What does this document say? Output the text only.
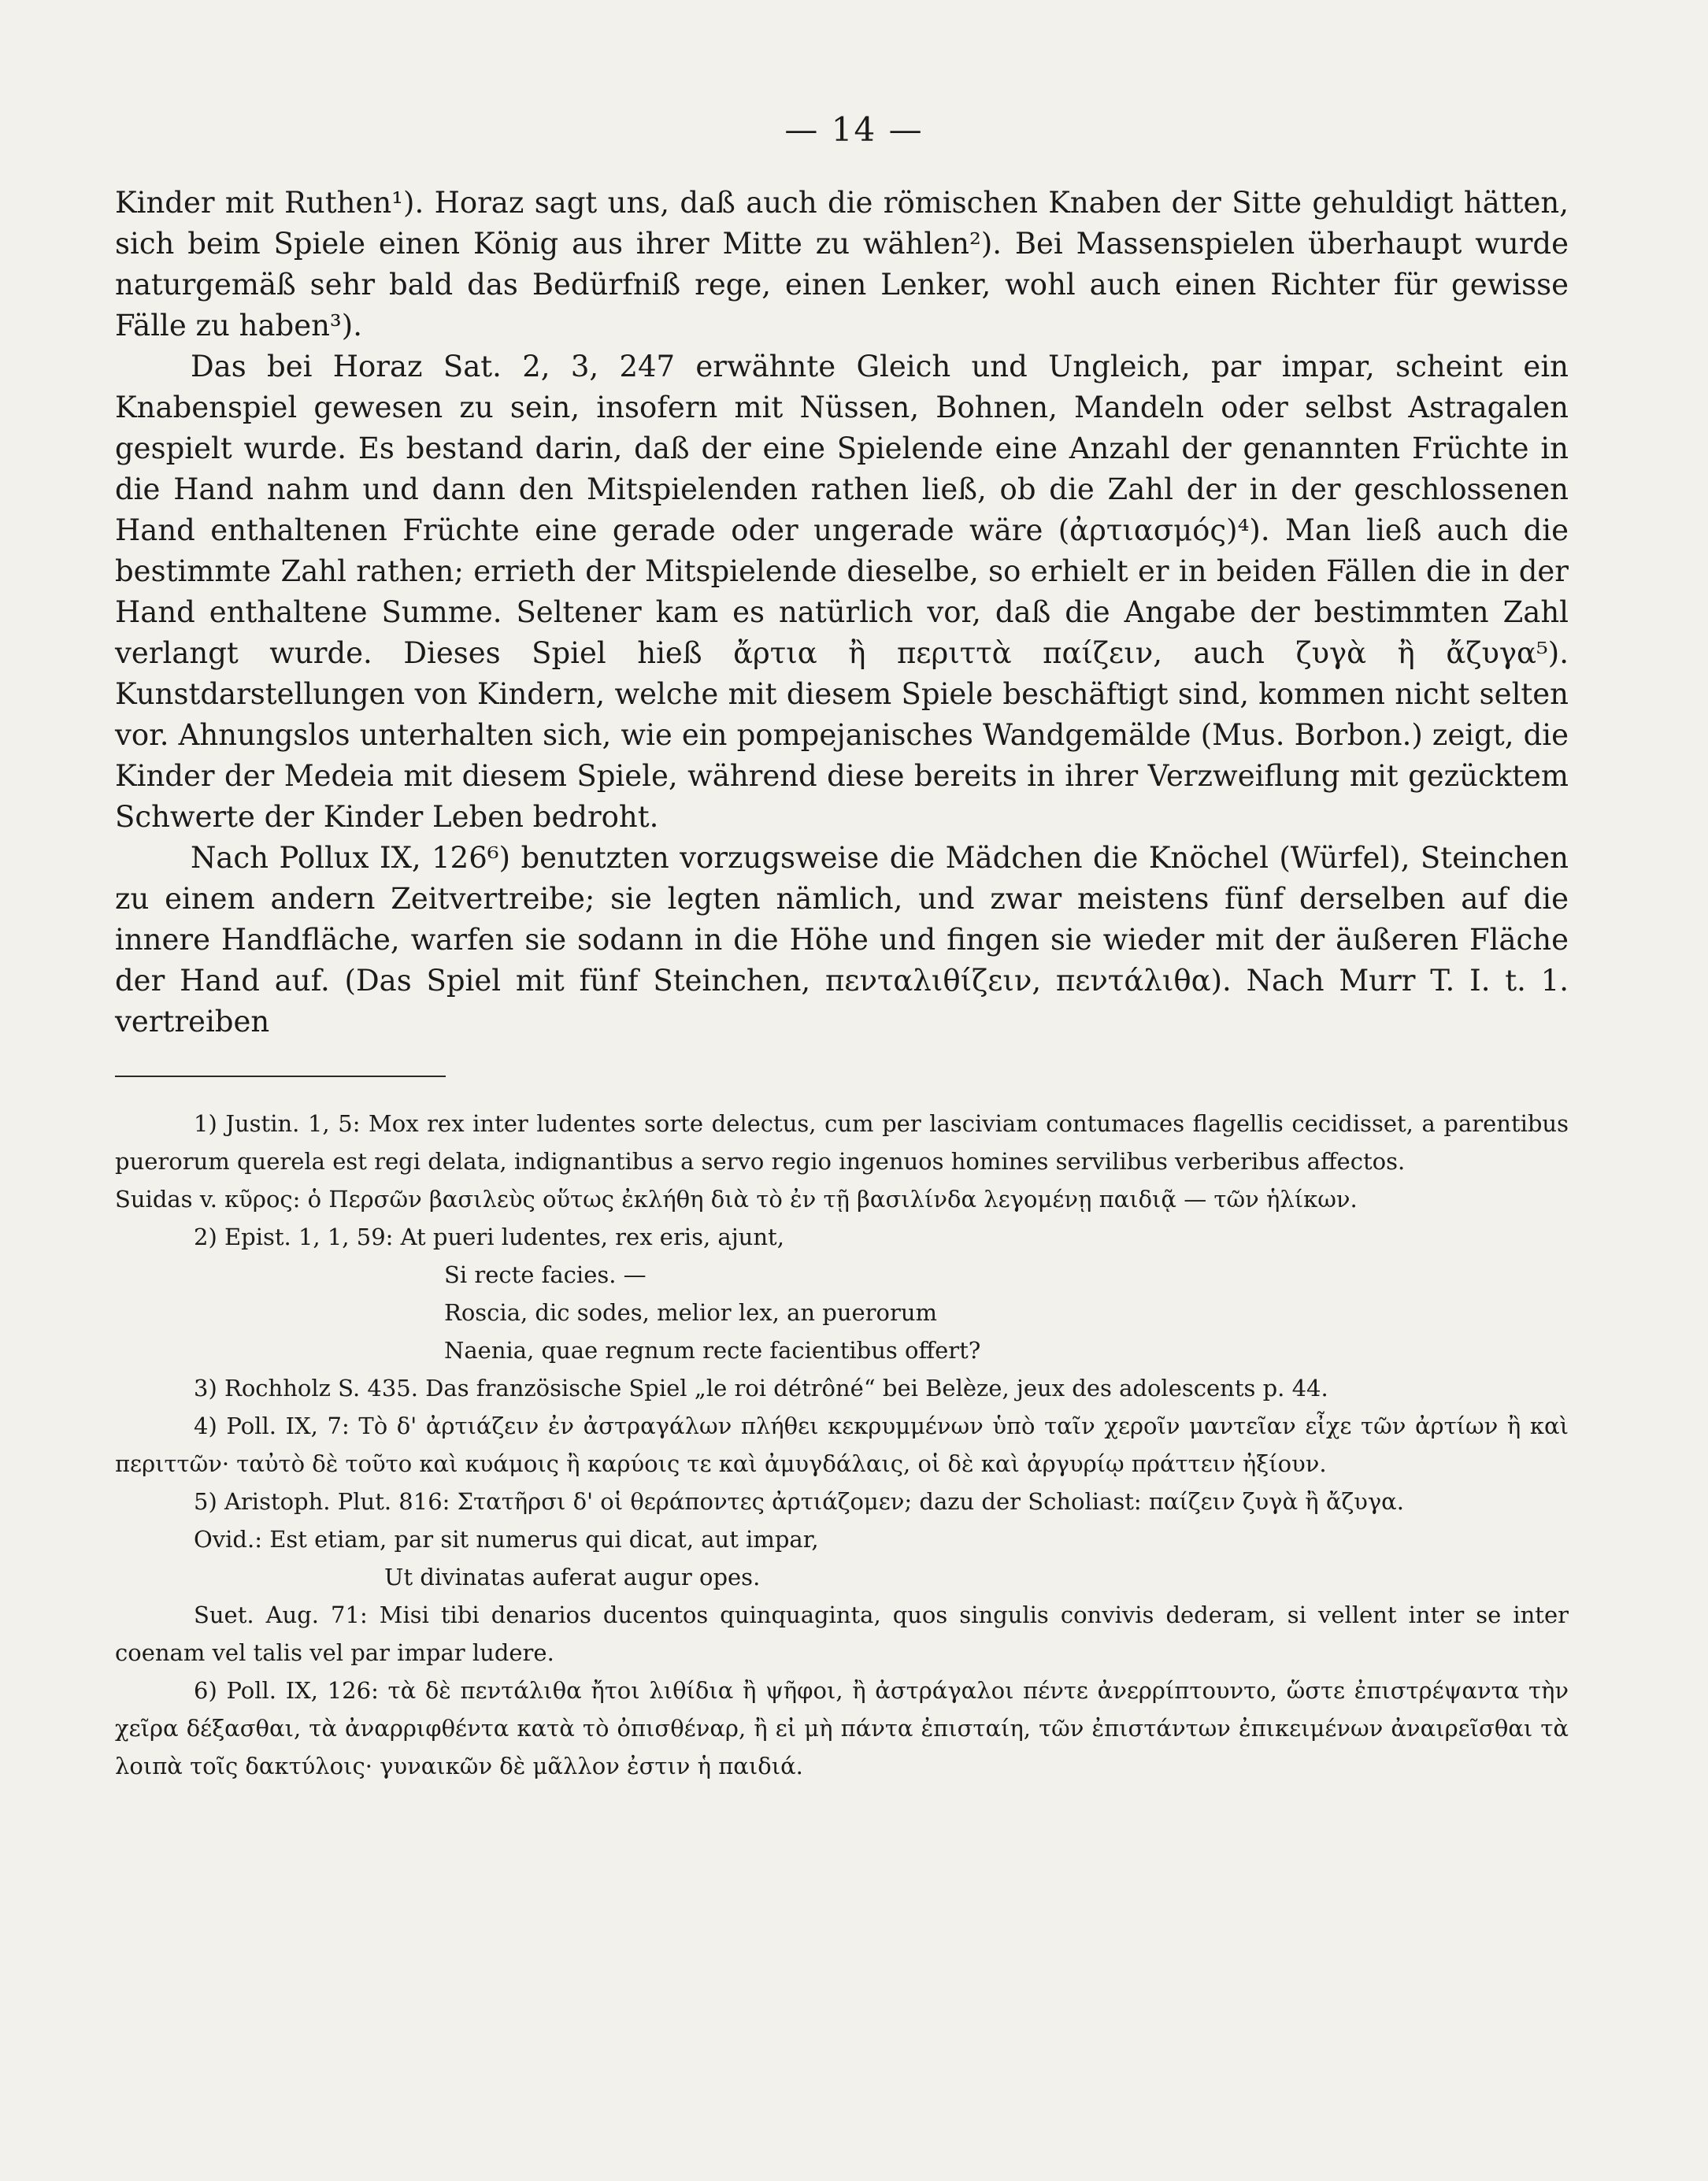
— 14 —

Kinder mit Ruthen¹). Horaz sagt uns, daß auch die römischen Knaben der Sitte gehuldigt hätten, sich beim Spiele einen König aus ihrer Mitte zu wählen²). Bei Massenspielen überhaupt wurde naturgemäß sehr bald das Bedürfniß rege, einen Lenker, wohl auch einen Richter für gewisse Fälle zu haben³).

Das bei Horaz Sat. 2, 3, 247 erwähnte Gleich und Ungleich, par impar, scheint ein Knabenspiel gewesen zu sein, insofern mit Nüssen, Bohnen, Mandeln oder selbst Astragalen gespielt wurde. Es bestand darin, daß der eine Spielende eine Anzahl der genannten Früchte in die Hand nahm und dann den Mitspielenden rathen ließ, ob die Zahl der in der geschlossenen Hand enthaltenen Früchte eine gerade oder ungerade wäre (ἀρτιασμός)⁴). Man ließ auch die bestimmte Zahl rathen; errieth der Mitspielende dieselbe, so erhielt er in beiden Fällen die in der Hand enthaltene Summe. Seltener kam es natürlich vor, daß die Angabe der bestimmten Zahl verlangt wurde. Dieses Spiel hieß ἄρτια ἢ περιττὰ παίζειν, auch ζυγὰ ἢ ἄζυγα⁵). Kunstdarstellungen von Kindern, welche mit diesem Spiele beschäftigt sind, kommen nicht selten vor. Ahnungslos unterhalten sich, wie ein pompejanisches Wandgemälde (Mus. Borbon.) zeigt, die Kinder der Medeia mit diesem Spiele, während diese bereits in ihrer Verzweiflung mit gezücktem Schwerte der Kinder Leben bedroht.

Nach Pollux IX, 126⁶) benutzten vorzugsweise die Mädchen die Knöchel (Würfel), Steinchen zu einem andern Zeitvertreibe; sie legten nämlich, und zwar meistens fünf derselben auf die innere Handfläche, warfen sie sodann in die Höhe und fingen sie wieder mit der äußeren Fläche der Hand auf. (Das Spiel mit fünf Steinchen, πενταλιθίζειν, πεντάλιθα). Nach Murr T. I. t. 1. vertreiben

1) Justin. 1, 5: Mox rex inter ludentes sorte delectus, cum per lasciviam contumaces flagellis cecidisset, a parentibus puerorum querela est regi delata, indignantibus a servo regio ingenuos homines servilibus verberibus affectos.

Suidas v. κῦρος: ὁ Περσῶν βασιλεὺς οὕτως ἐκλήθη διὰ τὸ ἐν τῇ βασιλίνδα λεγομένῃ παιδιᾷ — τῶν ἡλίκων.

2) Epist. 1, 1, 59: At pueri ludentes, rex eris, ajunt,

Si recte facies. —

Roscia, dic sodes, melior lex, an puerorum

Naenia, quae regnum recte facientibus offert?

3) Rochholz S. 435. Das französische Spiel „le roi détrôné“ bei Belèze, jeux des adolescents p. 44.

4) Poll. IX, 7: Τὸ δ' ἀρτιάζειν ἐν ἀστραγάλων πλήθει κεκρυμμένων ὑπὸ ταῖν χεροῖν μαντεῖαν εἶχε τῶν ἀρτίων ἢ καὶ περιττῶν· ταὐτὸ δὲ τοῦτο καὶ κυάμοις ἢ καρύοις τε καὶ ἀμυγδάλαις, οἱ δὲ καὶ ἀργυρίῳ πράττειν ἠξίουν.

5) Aristoph. Plut. 816: Στατῆρσι δ' οἱ θεράποντες ἀρτιάζομεν; dazu der Scholiast: παίζειν ζυγὰ ἢ ἄζυγα.

Ovid.: Est etiam, par sit numerus qui dicat, aut impar,

Ut divinatas auferat augur opes.

Suet. Aug. 71: Misi tibi denarios ducentos quinquaginta, quos singulis convivis dederam, si vellent inter se inter coenam vel talis vel par impar ludere.

6) Poll. IX, 126: τὰ δὲ πεντάλιθα ἤτοι λιθίδια ἢ ψῆφοι, ἢ ἀστράγαλοι πέντε ἀνερρίπτουντο, ὥστε ἐπιστρέψαντα τὴν χεῖρα δέξασθαι, τὰ ἀναρριφθέντα κατὰ τὸ ὀπισθέναρ, ἢ εἰ μὴ πάντα ἐπισταίη, τῶν ἐπιστάντων ἐπικειμένων ἀναιρεῖσθαι τὰ λοιπὰ τοῖς δακτύλοις· γυναικῶν δὲ μᾶλλον ἐστιν ἡ παιδιά.
